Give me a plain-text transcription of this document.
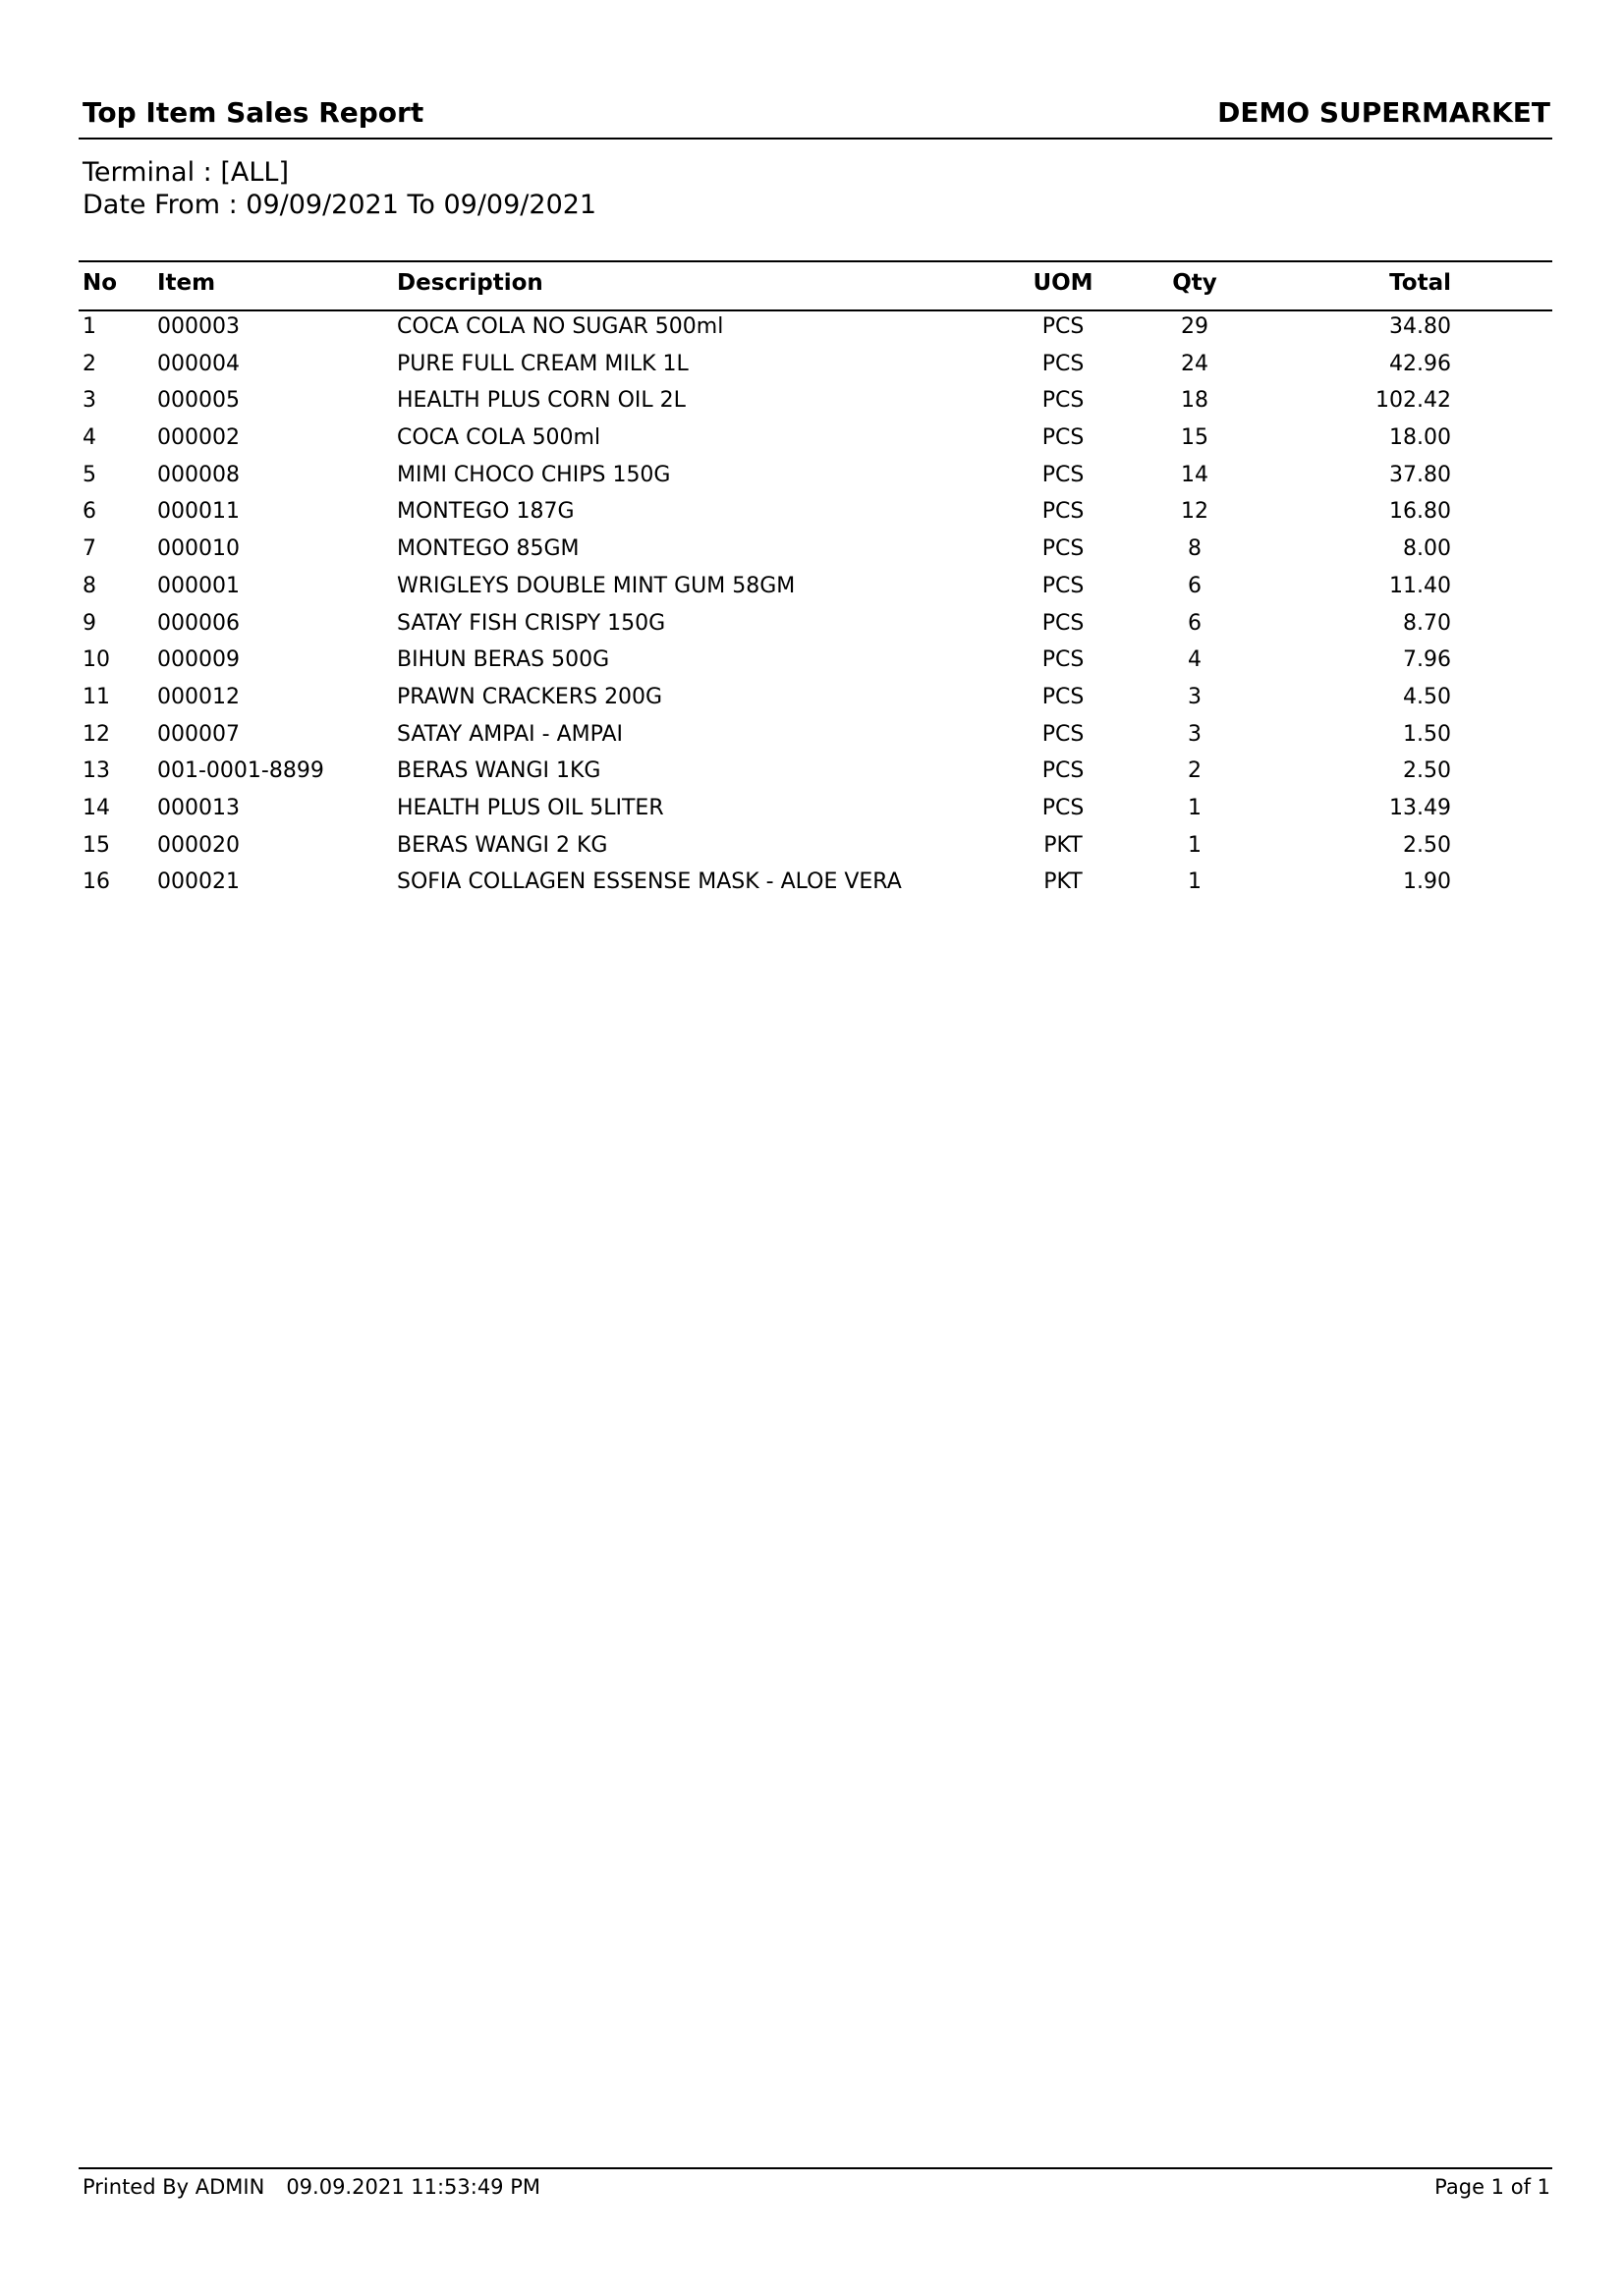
Top Item Sales Report	DEMO SUPERMARKET
Terminal : [ALL]
Date From : 09/09/2021 To 09/09/2021
No Item	Description	UOM	Qty	Total
1	000003	COCA COLA NO SUGAR 500ml	PCS	29	34.80
2	000004	PURE FULL CREAM MILK 1L	PCS	24	42.96
3	000005	HEALTH PLUS CORN OIL 2L	PCS	18	102.42
4	000002	COCA COLA 500ml	PCS	15	18.00
5	000008	MIMI CHOCO CHIPS 150G	PCS	14	37.80
6	000011	MONTEGO 187G	PCS	12	16.80
7	000010	MONTEGO 85GM	PCS	8	8.00
8	000001	WRIGLEYS DOUBLE MINT GUM 58GM	PCS	6	11.40
9	000006	SATAY FISH CRISPY 150G	PCS	6	8.70
10 000009	BIHUN BERAS 500G	PCS	4	7.96
11 000012	PRAWN CRACKERS 200G	PCS	3	4.50
12 000007	SATAY AMPAI - AMPAI	PCS	3	1.50
13 001-0001-8899	BERAS WANGI 1KG	PCS	2	2.50
14 000013	HEALTH PLUS OIL 5LITER	PCS	1	13.49
15 000020	BERAS WANGI 2 KG	PKT	1	2.50
16 000021	SOFIA COLLAGEN ESSENSE MASK - ALOE VERA	PKT	1	1.90
Printed By ADMIN 09.09.2021 11:53:49 PM	Page 1 of 1
